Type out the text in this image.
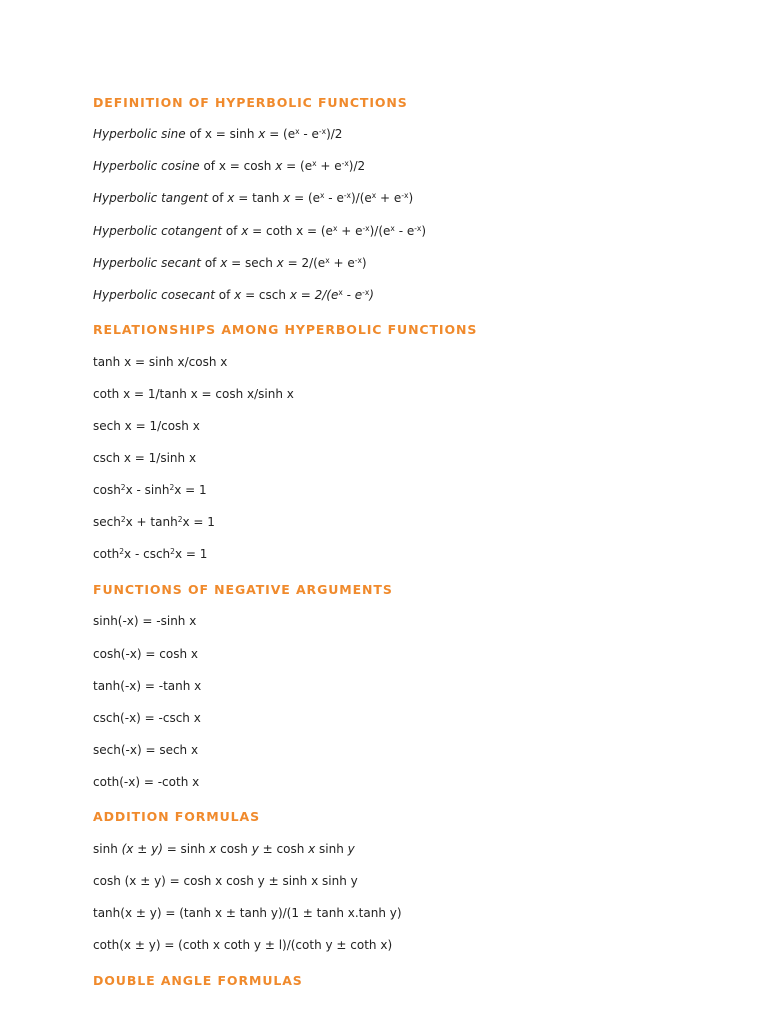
DEFINITION OF HYPERBOLIC FUNCTIONS
Hyperbolic sine of $x = \sinh x = (e^x - e^{-x})/2$
Hyperbolic cosine of $x = \cosh x = (e^x + e^{-x})/2$
Hyperbolic tangent of $x = \tanh x = (e^x - e^{-x})/(e^x + e^{-x})$
Hyperbolic cotangent of x = coth $x = (e^x + e^{-x})/(e^x - e^{-x})$
Hyperbolic secant of x = sech $x = 2/(e^x + e^{-x})$
Hyperbolic cosecant of x = csch $x = 2/(e^x - e^{-x})$
RELATIONSHIPS AMONG HYPERBOLIC FUNCTIONS
tanh x = sinh x/cosh x
coth x = 1/tanh x = cosh x/sinh x
sech x = 1/cosh x
csch x = 1/sinh x
$\cosh^2x - \sinh^2x = 1$
$\sec h^2x + \tanh^2x = 1$
coth$^2$x - csch$^2$x = 1
FUNCTIONS OF NEGATIVE ARGUMENTS
sinh(-x) = -sinh x
cosh(-x) = cosh x
tanh(-x) = -tanh x
csch(-x) = -csch x
sech(-x) = sech x
coth(-x) = -coth x
ADDITION FORMULAS
sinh (x ± y) = sinh x cosh y ± cosh x sinh y
cosh (x ± y) = cosh x cosh y ± sinh x sinh y
tanh(x ± y) = (tanh x ± tanh y)/(1 ± tanh x.tanh y)
coth(x ± y) = (coth x coth y ± l)/(coth y ± coth x)
DOUBLE ANGLE FORMULAS
